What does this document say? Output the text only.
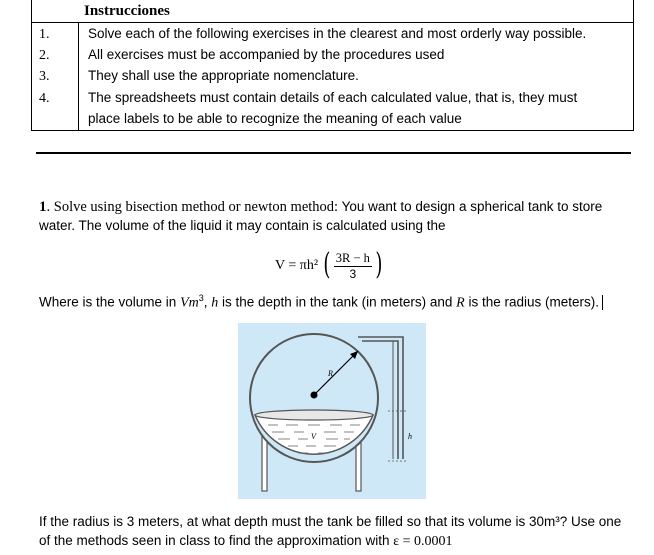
Instrucciones
1.	Solve each of the following exercises in the clearest and most orderly way possible.
2.	All exercises must be accompanied by the procedures used
3.	They shall use the appropriate nomenclature.
4.	The spreadsheets must contain details of each calculated value, that is, they must
place labels to be able to recognize the meaning of each value
1. Solve using bisection method or newton method: You want to design a spherical tank to store
water. The volume of the liquid it may contain is calculated using the
V = πh² ( 3R − h
3 )
Where is the volume in Vm$^3$, h is the depth in the tank (in meters) and R is the radius (meters).
R
V	h
If the radius is 3 meters, at what depth must the tank be filled so that its volume is 30m³? Use one
of the methods seen in class to find the approximation with ε = 0.0001
